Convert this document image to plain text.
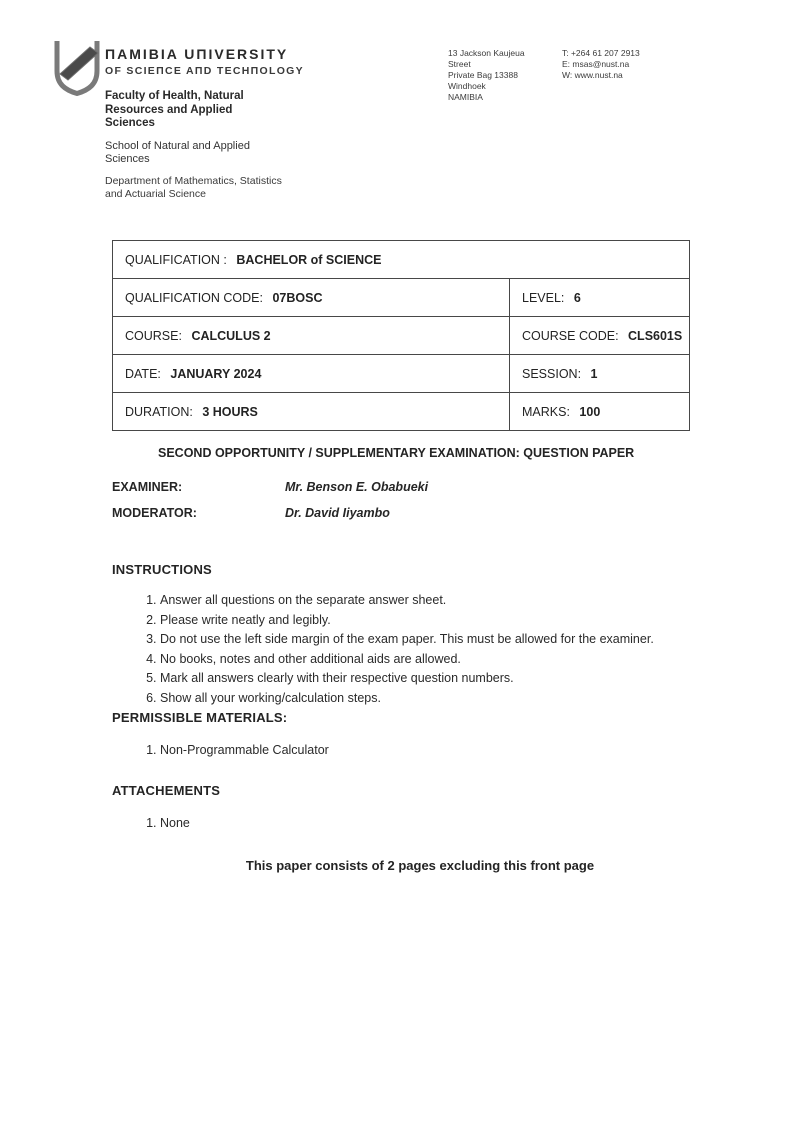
ΠAMIBIA UΠIVERSITY
OF SCIEΠCE AΠD TECHΠOLOGY
Faculty of Health, Natural Resources and Applied Sciences
School of Natural and Applied Sciences
Department of Mathematics, Statistics and Actuarial Science
13 Jackson Kaujeua Street
Private Bag 13388
Windhoek
NAMIBIA
T: +264 61 207 2913
E: msas@nust.na
W: www.nust.na
QUALIFICATION : BACHELOR of SCIENCE	
QUALIFICATION CODE: 07BOSC	LEVEL: 6
COURSE: CALCULUS 2	COURSE CODE: CLS601S
DATE: JANUARY 2024	SESSION: 1
DURATION: 3 HOURS	MARKS: 100
SECOND OPPORTUNITY / SUPPLEMENTARY EXAMINATION: QUESTION PAPER
EXAMINER:	Mr. Benson E. Obabueki
MODERATOR:	Dr. David Iiyambo
INSTRUCTIONS
1. Answer all questions on the separate answer sheet.
2. Please write neatly and legibly.
3. Do not use the left side margin of the exam paper. This must be allowed for the examiner.
4. No books, notes and other additional aids are allowed.
5. Mark all answers clearly with their respective question numbers.
6. Show all your working/calculation steps.
PERMISSIBLE MATERIALS:
1. Non-Programmable Calculator
ATTACHEMENTS
1. None
This paper consists of 2 pages excluding this front page
